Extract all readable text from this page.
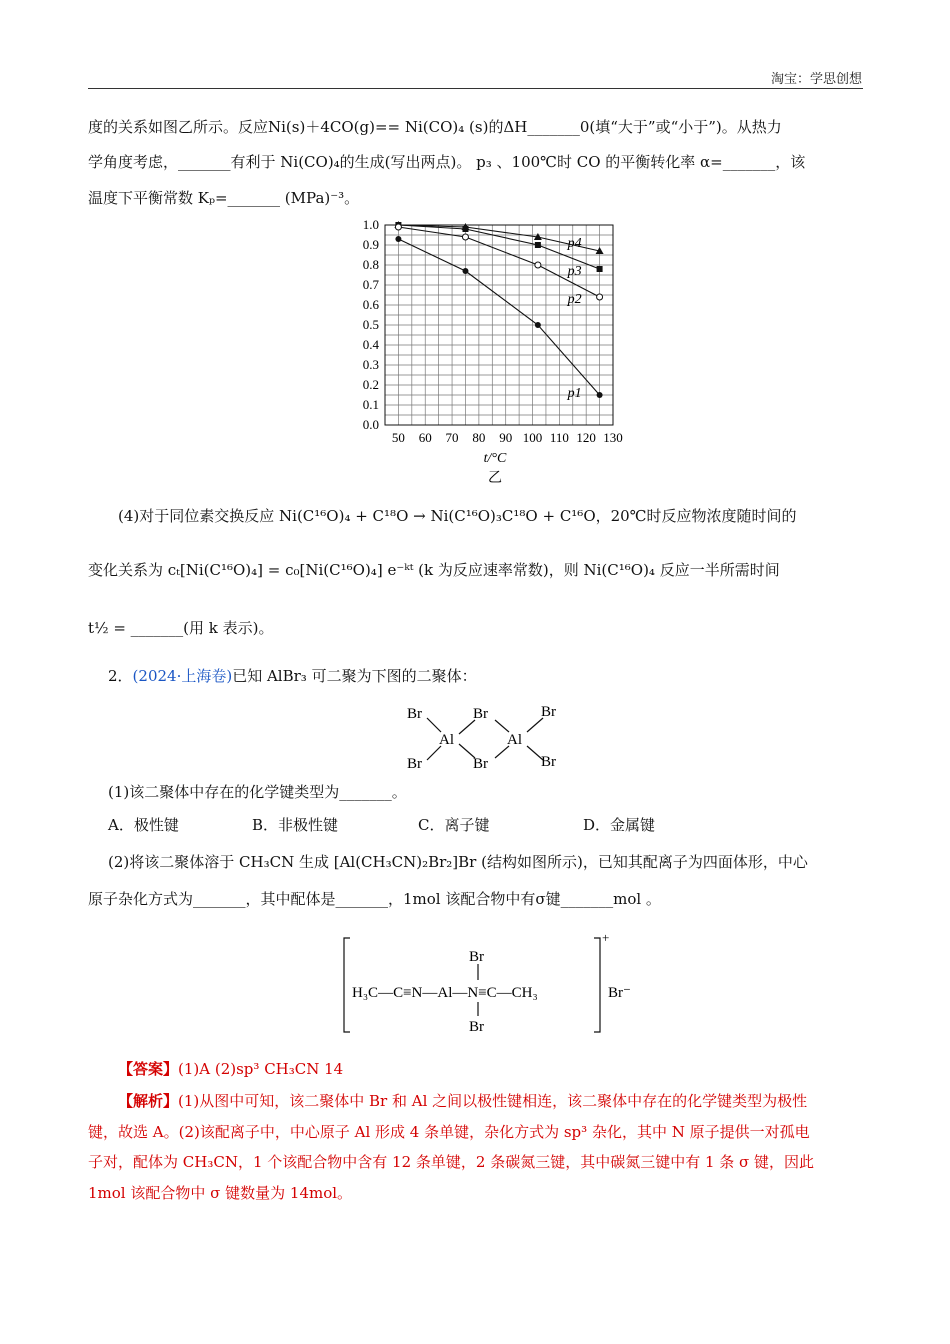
淘宝：学思创想
度的关系如图乙所示。反应Ni(s)＋4CO(g)== Ni(CO)₄ (s)的ΔH_______0(填“大于”或“小于”)。从热力
学角度考虑，_______有利于 Ni(CO)₄的生成(写出两点)。 p₃ 、100℃时 CO 的平衡转化率 α=_______，该
温度下平衡常数 Kₚ=_______ (MPa)⁻³。
50 60 70 80 90 100 110 120 130
0.0
0.1
0.2
0.3
0.4
0.5
0.6
0.7
0.8
0.9
1.0
p4
p3
p2
p1
t/°C
乙
(4)对于同位素交换反应 Ni(C¹⁶O)₄ + C¹⁸O → Ni(C¹⁶O)₃C¹⁸O + C¹⁶O，20℃时反应物浓度随时间的
变化关系为 cₜ[Ni(C¹⁶O)₄] = c₀[Ni(C¹⁶O)₄] e⁻ᵏᵗ (k 为反应速率常数)，则 Ni(C¹⁶O)₄ 反应一半所需时间
t½ = _______(用 k 表示)。
2．(2024·上海卷)已知 AlBr₃ 可二聚为下图的二聚体：
Br
Br
Al
Br
Br
Al
Br
Br
(1)该二聚体中存在的化学键类型为_______。
A．极性键	B．非极性键	C．离子键	D．金属键
(2)将该二聚体溶于 CH₃CN 生成 [Al(CH₃CN)₂Br₂]Br (结构如图所示)，已知其配离子为四面体形，中心
原子杂化方式为_______，其中配体是_______，1mol 该配合物中有σ键_______mol 。
Br
H₃C—C≡N—Al—N≡C—CH₃
Br
+
Br⁻
【答案】(1)A (2)sp³ CH₃CN 14
【解析】(1)从图中可知，该二聚体中 Br 和 Al 之间以极性键相连，该二聚体中存在的化学键类型为极性
键，故选 A。(2)该配离子中，中心原子 Al 形成 4 条单键，杂化方式为 sp³ 杂化，其中 N 原子提供一对孤电
子对，配体为 CH₃CN，1 个该配合物中含有 12 条单键，2 条碳氮三键，其中碳氮三键中有 1 条 σ 键，因此
1mol 该配合物中 σ 键数量为 14mol。
